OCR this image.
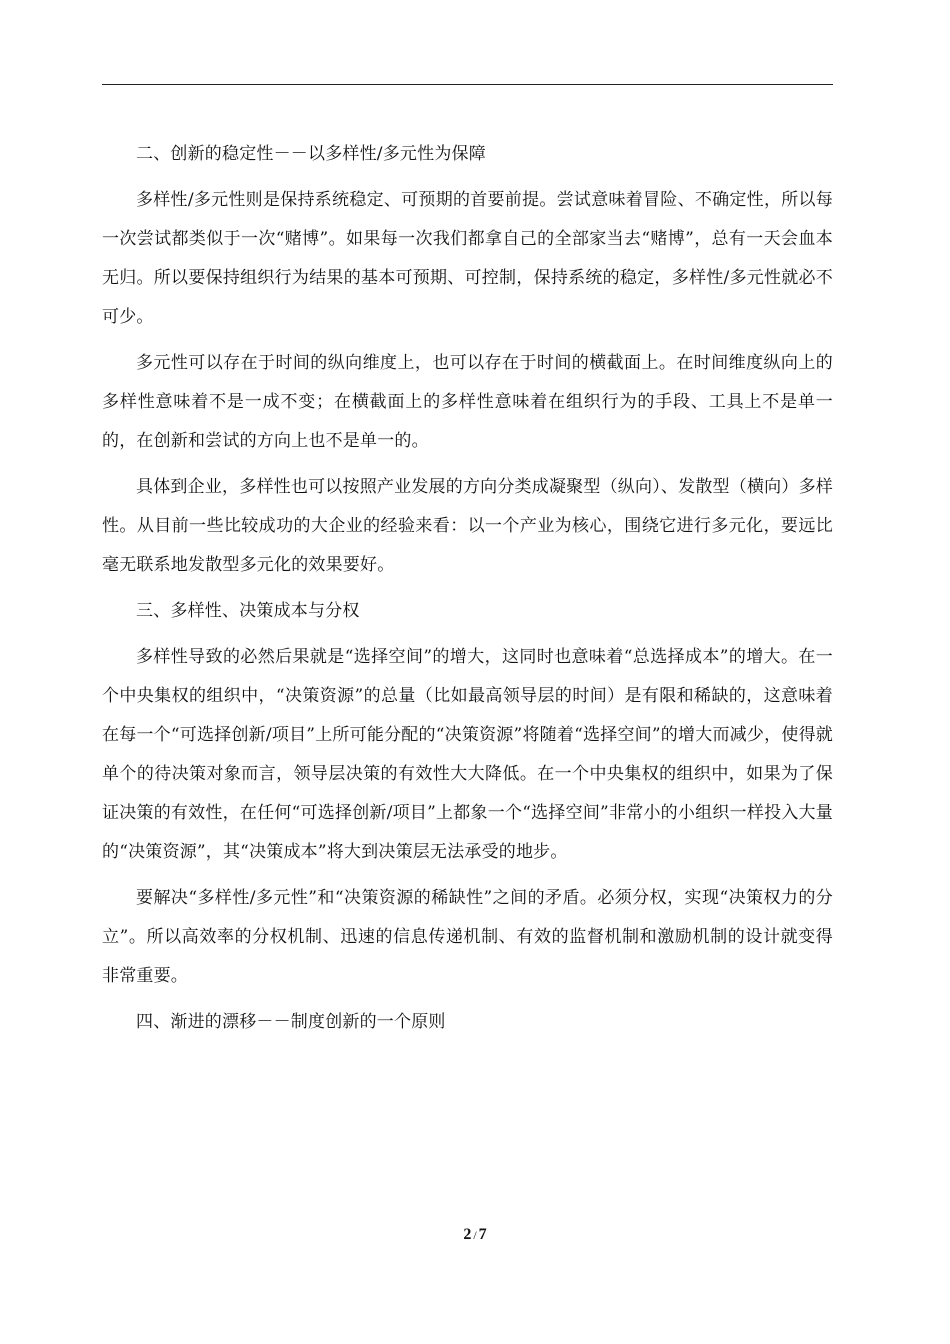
二、创新的稳定性－－以多样性/多元性为保障

多样性/多元性则是保持系统稳定、可预期的首要前提。尝试意味着冒险、不确定性，所以每一次尝试都类似于一次“赌博”。如果每一次我们都拿自己的全部家当去“赌博”，总有一天会血本无归。所以要保持组织行为结果的基本可预期、可控制，保持系统的稳定，多样性/多元性就必不可少。

多元性可以存在于时间的纵向维度上，也可以存在于时间的横截面上。在时间维度纵向上的多样性意味着不是一成不变；在横截面上的多样性意味着在组织行为的手段、工具上不是单一的，在创新和尝试的方向上也不是单一的。

具体到企业，多样性也可以按照产业发展的方向分类成凝聚型（纵向）、发散型（横向）多样性。从目前一些比较成功的大企业的经验来看：以一个产业为核心，围绕它进行多元化，要远比毫无联系地发散型多元化的效果要好。

三、多样性、决策成本与分权

多样性导致的必然后果就是“选择空间”的增大，这同时也意味着“总选择成本”的增大。在一个中央集权的组织中，“决策资源”的总量（比如最高领导层的时间）是有限和稀缺的，这意味着在每一个“可选择创新/项目”上所可能分配的“决策资源”将随着“选择空间”的增大而减少，使得就单个的待决策对象而言，领导层决策的有效性大大降低。在一个中央集权的组织中，如果为了保证决策的有效性，在任何“可选择创新/项目”上都象一个“选择空间”非常小的小组织一样投入大量的“决策资源”，其“决策成本”将大到决策层无法承受的地步。

要解决“多样性/多元性”和“决策资源的稀缺性”之间的矛盾。必须分权，实现“决策权力的分立”。所以高效率的分权机制、迅速的信息传递机制、有效的监督机制和激励机制的设计就变得非常重要。

四、渐进的漂移－－制度创新的一个原则

2 / 7
